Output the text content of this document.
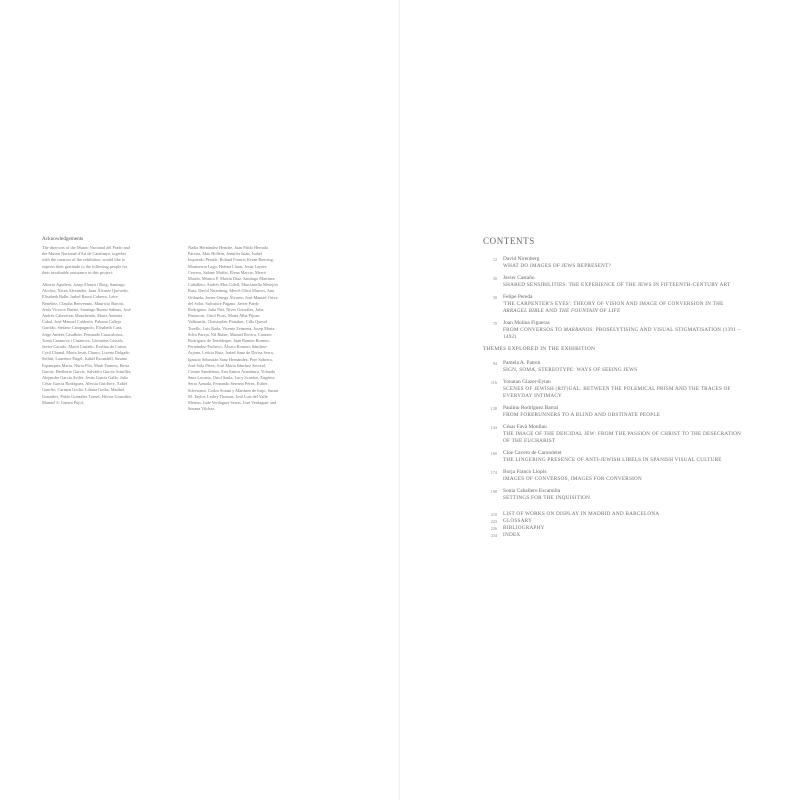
Acknowledgements

The directors of the Museo Nacional del Prado and the Museu Nacional d'Art de Catalunya, together with the curators of the exhibition, would like to express their gratitude to the following people for their invaluable assistance in this project:

Alberto Aguilera, Josep Alanyà i Roig, Santiago Alcolea, Nicea Alexandre, Juan Álvarez Quevedo, Elisabeth Balle, Isabel Bassó Cabrera, Leire Benéitez, Claudia Benvenuto, Mauricio Barcisi, Jesús Viceoce Bueno, Santiago Bueno Salinas, José Andrés Calaverras Mancheado, Maria Antònia Cabal, José Manuel Calderón, Paloma Calleja Garrido, Stefano Campagnolo, Elisabeth Cant, Jorge Andrés Casalbón, Fernando Casacalonca, Tomà Casanova i Casanova, Giovanna Cassals, Javier Cacado, Marta Castaño, Evelina de Castro, Cyril Chanal, María Jesús Charro, Lorena Delgado Seilini, Laurence Engel, Isabel Escandell, Susana Espanquez Maria, Núria Flix, Mark Fumess, Berta García, Heriberto García, Salvador García Armilles, Alejandro García Avilés, Jesús García Gallo, Julio César García Rodríguez, Alessia Guichery, Xabel Gancho, Carmen Godia, Liliana Godia, Maribel González, Pablo González Tornel, Héctor González, Manuel S. Guerra Pujol,

Nadia Hernández Henche, Juan Pablo Herrada Pareira, Max Hollein, Jennifer Islan, Isabel Izquierdo Peraile, Roland Francis Keran Rencing, Montserrat Lago, Helena Llaon, Jesús Layera Cerrero, Sabine Maffat, Elena Marcie, Mercè Martín, Mònica P. Martín Díaz, Santiago Martínez Caballero, Andrés Mas Colell, Marcianella Mesejón Ruiz, David Nirenberg, Mercè Olivá Marcos, Ana Orihuela, Javier Ortega Álvarez, José Manuel Oriva del Solar, Salvatore Pagano, Javier Pardo Rodríguez, Julia Patt, Nives Gonzáles, Julia Pentacost, Oriol Picas, María Alba Pijoan Valbonida, Christopher Pinsaker, Cilla Quesol Torello, Luis Rada, Vicente Zeimena, Josep Maria Silva Pareja, Nil Ruber, Manuel Rovira, Carmen Rodríguez de Tembleque, Juan Ramón Romero Fernández-Pacheco, Álvaro Romero Sánchez-Arjona, Leticia Ruiz, Isabel Sanz de Divisa Serra, Ignacio Sebastián Sanz Hernández, Pere Sobrero, José Sola Pérez, José María Sánchez Secoral, Cosme Sandeleau, Ana Santos Aramburu, Yolanda Sanz Lacasta, Oriol Saula, Lucy Scanlon, Eugénia Serra Aznada, Fernando Serrano Pérez, Esther Silvestrini, Carlos Soiani y Martínez de Irujo, Susan M. Taylor, Lesley Thomas, José Luis del Valle Merino, Jude Verdaguer Serrat, José Verdaguer and Susana Vilchez.

CONTENTS
12 David Nirenberg
WHAT DO IMAGES OF JEWS REPRESENT?
30 Javier Castaño
SHARED SENSIBILITIES: THE EXPERIENCE OF THE JEWS IN FIFTEENTH-CENTURY ART
50 Felipe Pereda
'THE CARPENTER'S EYES': THEORY OF VISION AND IMAGE OF CONVERSION IN THE ARRAGEL BIBLE AND THE FOUNTAIN OF LIFE
70 Joan Molina Figueras
FROM CONVERSOS TO MARRANOS: PROSELYTISING AND VISUAL STIGMATISATION (1391 – 1492)
THEMES EXPLORED IN THE EXHIBITION
94 Pamela A. Patton
SIGN, SOMA, STEREOTYPE: WAYS OF SEEING JEWS
116 Yonatan Glazer-Eytan
SCENES OF JEWISH (RIT)UAL: BETWEEN THE POLEMICAL PRISM AND THE TRACES OF EVERYDAY INTIMACY
128 Paulino Rodríguez Barral
FROM FORERUNNERS TO A BLIND AND OBSTINATE PEOPLE
144 César Favà Monllau
THE IMAGE OF THE DEICIDAL JEW: FROM THE PASSION OF CHRIST TO THE DESECRATION OF THE EUCHARIST
160 Cloe Cavero de Carondelet
THE LINGERING PRESENCE OF ANTI-JEWISH LIBELS IN SPANISH VISUAL CULTURE
174 Borja Franco Llopis
IMAGES OF CONVERSOS, IMAGES FOR CONVERSION
190 Sonia Caballero Escamilla
SETTINGS FOR THE INQUISITION
210 LIST OF WORKS ON DISPLAY IN MADRID AND BARCELONA
223 GLOSSARY
226 BIBLIOGRAPHY
234 INDEX
